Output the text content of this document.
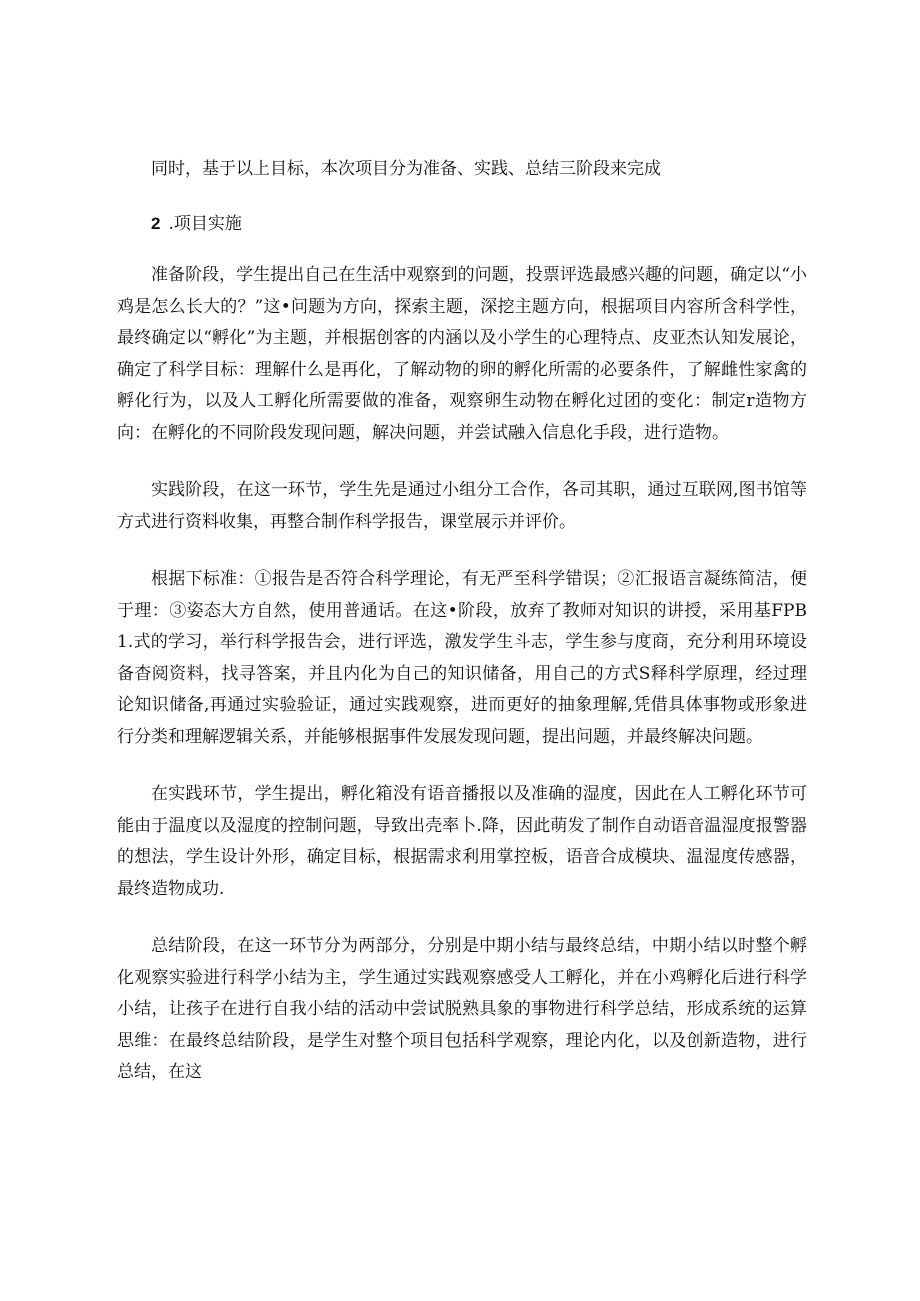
同时，基于以上目标，本次项目分为准备、实践、总结三阶段来完成

2 .项目实施

准备阶段，学生提出自己在生活中观察到的问题，投票评选最感兴趣的问题，确定以“小鸡是怎么长大的？”这•问题为方向，探索主题，深挖主题方向，根据项目内容所含科学性，最终确定以“孵化”为主题，并根据创客的内涵以及小学生的心理特点、皮亚杰认知发展论，确定了科学目标：理解什么是再化，了解动物的卵的孵化所需的必要条件，了解雌性家禽的孵化行为，以及人工孵化所需要做的准备，观察卵生动物在孵化过团的变化：制定r造物方向：在孵化的不同阶段发现问题，解决问题，并尝试融入信息化手段，进行造物。

实践阶段，在这一环节，学生先是通过小组分工合作，各司其职，通过互联网,图书馆等方式进行资料收集，再整合制作科学报告，课堂展示并评价。

根据下标准：①报告是否符合科学理论，有无严至科学错误；②汇报语言凝练简洁，便于理：③姿态大方自然，使用普通话。在这•阶段，放弃了教师对知识的讲授，采用基FPB1.式的学习，举行科学报告会，进行评选，激发学生斗志，学生参与度商，充分利用环境设备杳阅资料，找寻答案，并且内化为自己的知识储备，用自己的方式S释科学原理，经过理论知识储备,再通过实验验证，通过实践观察，进而更好的抽象理解,凭借具体事物或形象进行分类和理解逻辑关系，并能够根据事件发展发现问题，提出问题，并最终解决问题。

在实践环节，学生提出，孵化箱没有语音播报以及准确的湿度，因此在人工孵化环节可能由于温度以及湿度的控制问题，导致出壳率卜.降，因此萌发了制作自动语音温湿度报警器的想法，学生设计外形，确定目标，根据需求利用掌控板，语音合成模块、温湿度传感器，最终造物成功.

总结阶段，在这一环节分为两部分，分别是中期小结与最终总结，中期小结以时整个孵化观察实验进行科学小结为主，学生通过实践观察感受人工孵化，并在小鸡孵化后进行科学小结，让孩子在进行自我小结的活动中尝试脱熟具象的事物进行科学总结，形成系统的运算思维：在最终总结阶段，是学生对整个项目包括科学观察，理论内化，以及创新造物，进行总结，在这
